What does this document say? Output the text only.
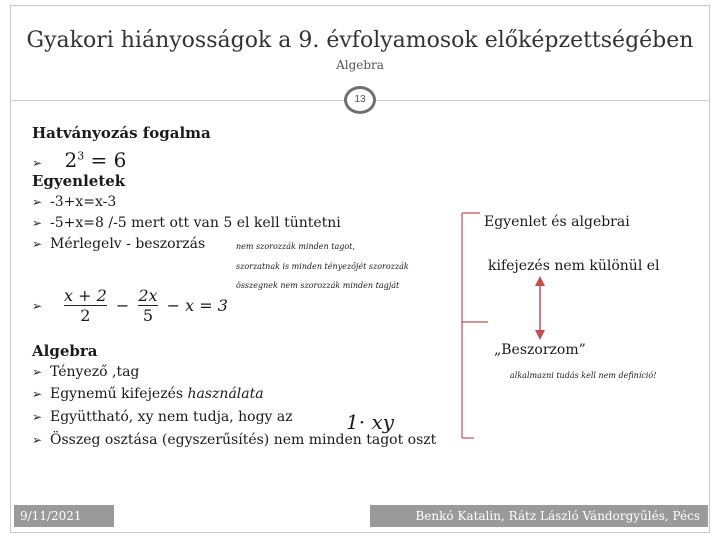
Gyakori hiányosságok a 9. évfolyamosok előképzettségében
Algebra
13
Hatványozás fogalma
➢ $2^3 = 6$
Egyenletek
➢ -3+x=x-3
➢ -5+x=8 /-5 mert ott van 5 el kell tüntetni
➢ Mérlegelv - beszorzás	nem szorozzák minden tagot,
szorzatnak is minden tényezőjét szorozzák
összegnek nem szorozzák minden tagját
➢	$\frac{x + 2}{2} - \frac{2x}{5} - x = 3$
Algebra
➢ Tényező ,tag
➢ Egynemű kifejezés használata
➢ Együttható, xy nem tudja, hogy az	1· xy
➢ Összeg osztása (egyszerűsítés) nem minden tagot oszt
Egyenlet és algebrai
kifejezés nem különül el
„Beszorzom”
alkalmazni tudás kell nem definíció!
9/11/2021	Benkó Katalin, Rátz László Vándorgyűlés, Pécs
